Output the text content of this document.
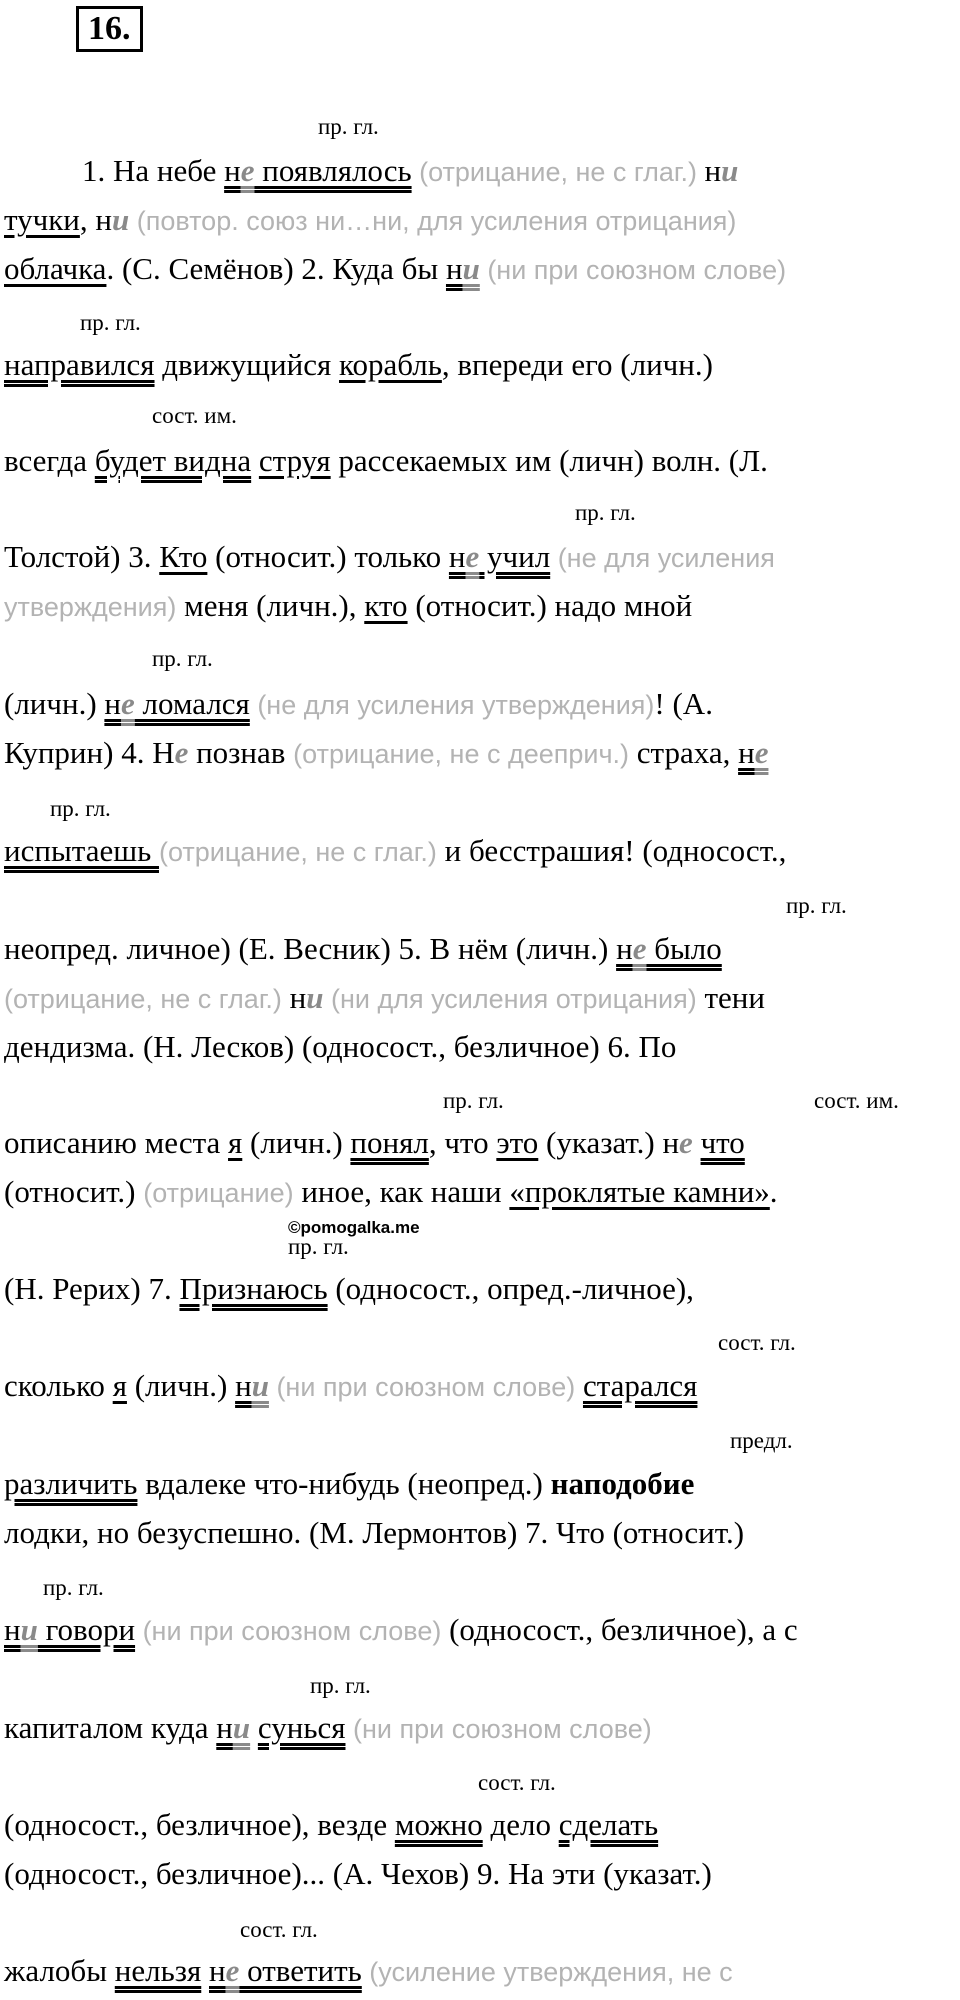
16.
пр. гл.
пр. гл.
сост. им.
пр. гл.
пр. гл.
пр. гл.
пр. гл.
пр. гл.	сост. им.
пр. гл.
сост. гл.
предл.
пр. гл.
пр. гл.
сост. гл.
сост. гл.
©pomogalka.me
1. На небе не появлялось (отрицание, не с глаг.) ни
тучки, ни (повтор. союз ни…ни, для усиления отрицания)
облачка. (С. Семёнов) 2. Куда бы ни (ни при союзном слове)
направился движущийся корабль, впереди его (личн.)
всегда будет видна струя рассекаемых им (личн) волн. (Л.
Толстой) 3. Кто (относит.) только не учил (не для усиления
утверждения) меня (личн.), кто (относит.) надо мной
(личн.) не ломался (не для усиления утверждения)! (А.
Куприн) 4. Не познав (отрицание, не с дееприч.) страха, не
испытаешь (отрицание, не с глаг.) и бесстрашия! (односост.,
неопред. личное) (Е. Весник) 5. В нём (личн.) не было
(отрицание, не с глаг.) ни (ни для усиления отрицания) тени
дендизма. (Н. Лесков) (односост., безличное) 6. По
описанию места я (личн.) понял, что это (указат.) не что
(относит.) (отрицание) иное, как наши «проклятые камни».
(Н. Рерих) 7. Признаюсь (односост., опред.-личное),
сколько я (личн.) ни (ни при союзном слове) старался
различить вдалеке что-нибудь (неопред.) наподобие
лодки, но безуспешно. (М. Лермонтов) 7. Что (относит.)
ни говори (ни при союзном слове) (односост., безличное), а с
капиталом куда ни сунься (ни при союзном слове)
(односост., безличное), везде можно дело сделать
(односост., безличное)... (А. Чехов) 9. На эти (указат.)
жалобы нельзя не ответить (усиление утверждения, не с
